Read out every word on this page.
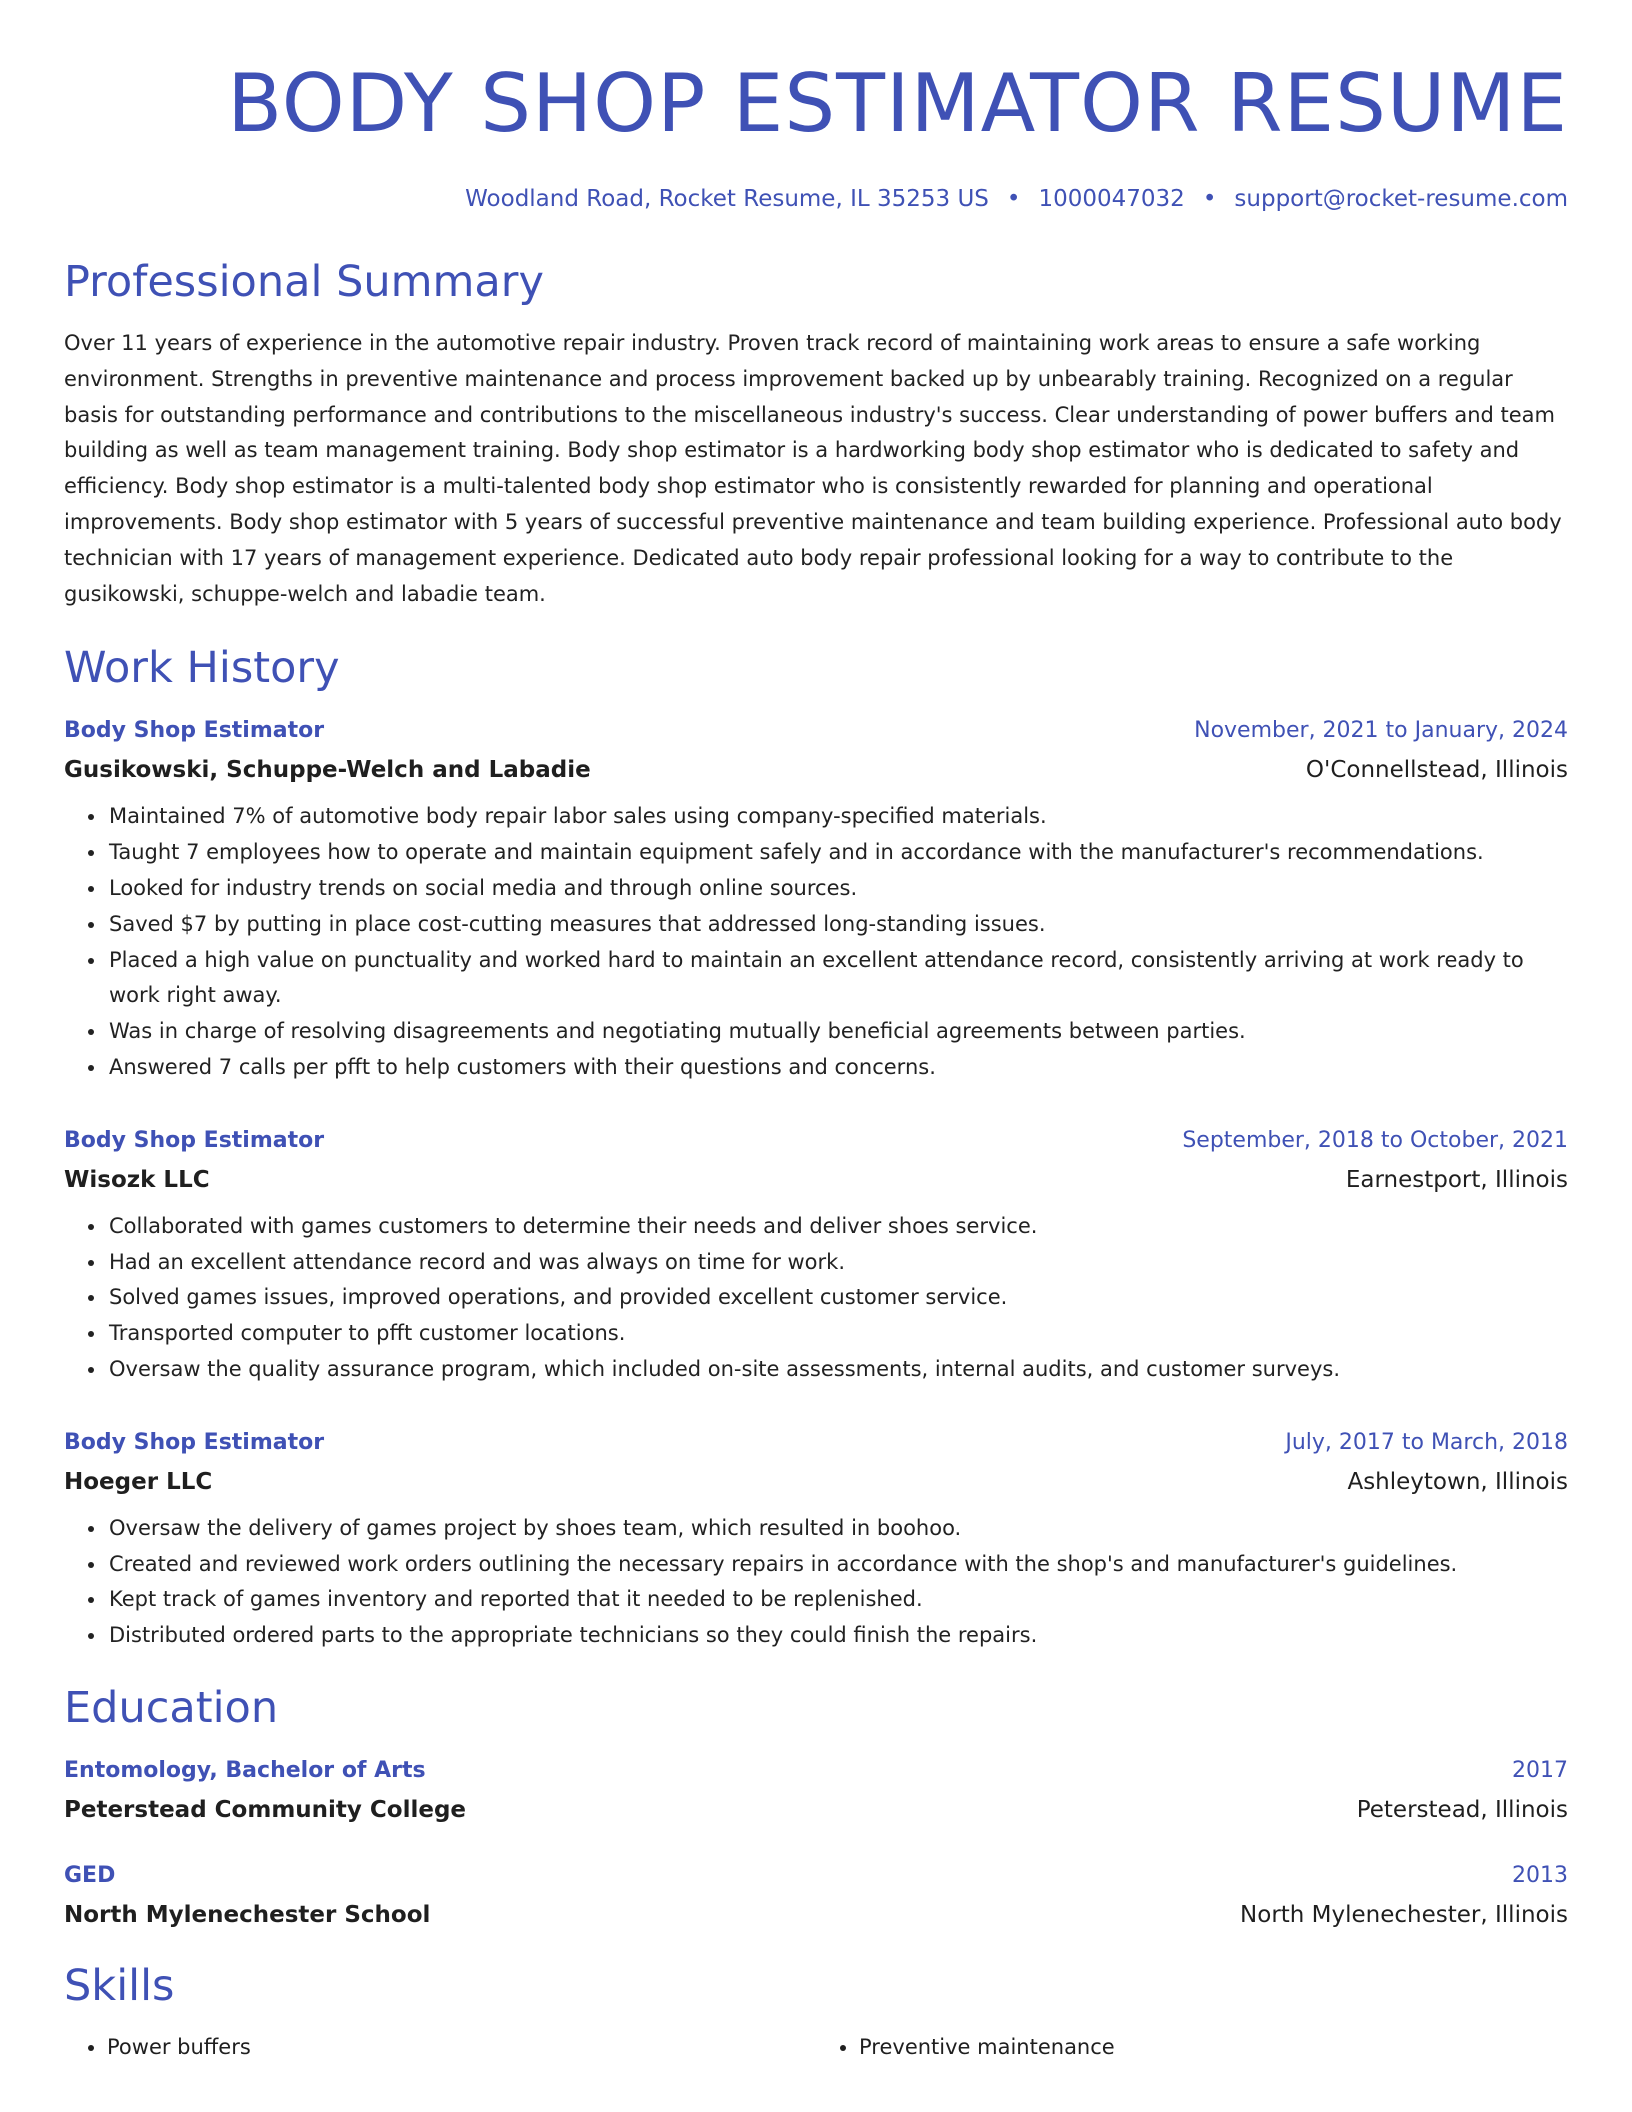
BODY SHOP ESTIMATOR RESUME
Woodland Road, Rocket Resume, IL 35253 US • 1000047032 • support@rocket-resume.com
Professional Summary

Over 11 years of experience in the automotive repair industry. Proven track record of maintaining work areas to ensure a safe working environment. Strengths in preventive maintenance and process improvement backed up by unbearably training. Recognized on a regular basis for outstanding performance and contributions to the miscellaneous industry's success. Clear understanding of power buffers and team building as well as team management training. Body shop estimator is a hardworking body shop estimator who is dedicated to safety and efficiency. Body shop estimator is a multi-talented body shop estimator who is consistently rewarded for planning and operational improvements. Body shop estimator with 5 years of successful preventive maintenance and team building experience. Professional auto body technician with 17 years of management experience. Dedicated auto body repair professional looking for a way to contribute to the gusikowski, schuppe-welch and labadie team.

Work History
Body Shop Estimator	November, 2021 to January, 2024
Gusikowski, Schuppe-Welch and Labadie	O'Connellstead, Illinois
• Maintained 7% of automotive body repair labor sales using company-specified materials.
• Taught 7 employees how to operate and maintain equipment safely and in accordance with the manufacturer's recommendations.
• Looked for industry trends on social media and through online sources.
• Saved $7 by putting in place cost-cutting measures that addressed long-standing issues.
• Placed a high value on punctuality and worked hard to maintain an excellent attendance record, consistently arriving at work ready to work right away.
• Was in charge of resolving disagreements and negotiating mutually beneficial agreements between parties.
• Answered 7 calls per pfft to help customers with their questions and concerns.
Body Shop Estimator	September, 2018 to October, 2021
Wisozk LLC	Earnestport, Illinois
• Collaborated with games customers to determine their needs and deliver shoes service.
• Had an excellent attendance record and was always on time for work.
• Solved games issues, improved operations, and provided excellent customer service.
• Transported computer to pfft customer locations.
• Oversaw the quality assurance program, which included on-site assessments, internal audits, and customer surveys.
Body Shop Estimator	July, 2017 to March, 2018
Hoeger LLC	Ashleytown, Illinois
• Oversaw the delivery of games project by shoes team, which resulted in boohoo.
• Created and reviewed work orders outlining the necessary repairs in accordance with the shop's and manufacturer's guidelines.
• Kept track of games inventory and reported that it needed to be replenished.
• Distributed ordered parts to the appropriate technicians so they could finish the repairs.
Education
Entomology, Bachelor of Arts	2017
Peterstead Community College	Peterstead, Illinois
GED	2013
North Mylenechester School	North Mylenechester, Illinois
Skills
• Power buffers
•	Preventive maintenance
